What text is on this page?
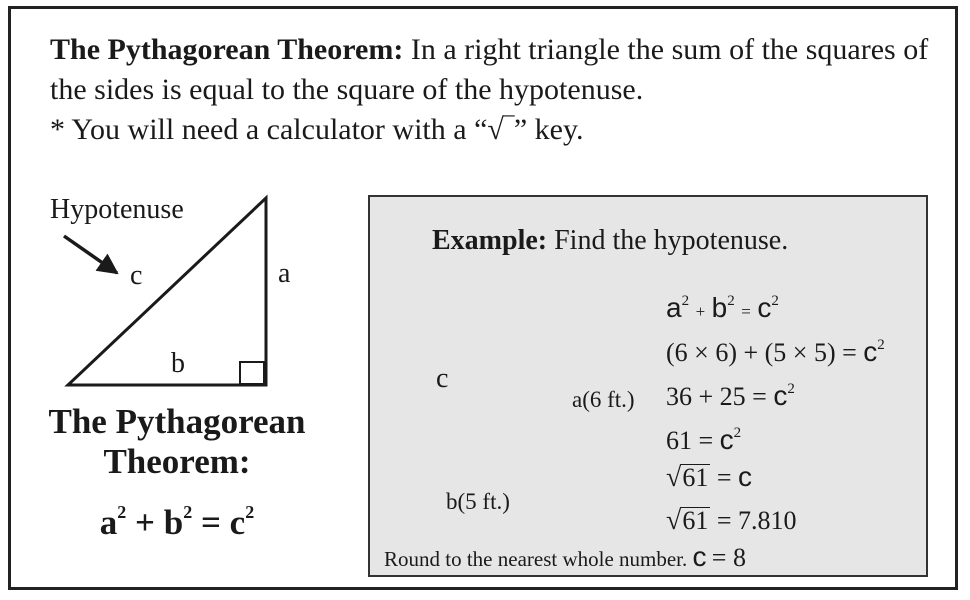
The Pythagorean Theorem: In a right triangle the sum of the squares of the sides is equal to the square of the hypotenuse.
* You will need a calculator with a “√‾” key.

Hypotenuse
c	a
b
The Pythagorean
Theorem:
$a^2 + b^2 = c^2$
Example: Find the hypotenuse.
c
a(6 ft.)
b(5 ft.)
$a^2 + b^2 = c^2$
$(6 \times 6) + (5 \times 5) = c^2$
$36 + 25 = c^2$
$61 = c^2$
√61 = c
√61 = 7.810
Round to the nearest whole number. c = 8
